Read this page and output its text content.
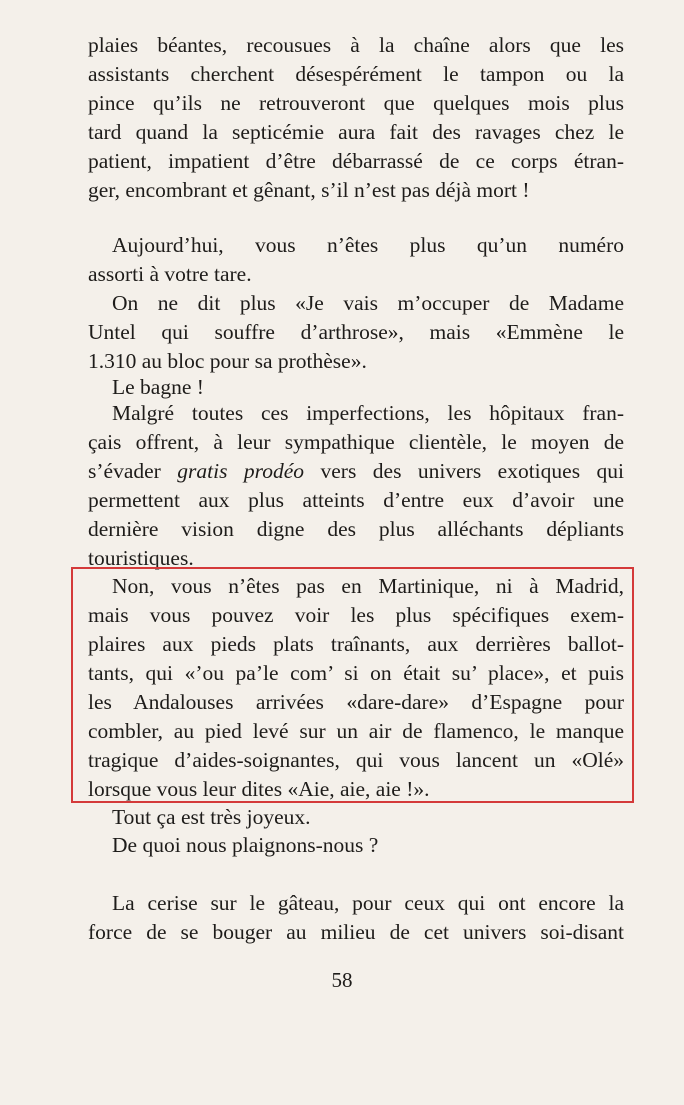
plaies béantes, recousues à la chaîne alors que les
assistants cherchent désespérément le tampon ou la
pince qu’ils ne retrouveront que quelques mois plus
tard quand la septicémie aura fait des ravages chez le
patient, impatient d’être débarrassé de ce corps étran-
ger, encombrant et gênant, s’il n’est pas déjà mort !
Aujourd’hui, vous n’êtes plus qu’un numéro
assorti à votre tare.
On ne dit plus «Je vais m’occuper de Madame
Untel qui souffre d’arthrose», mais «Emmène le
1.310 au bloc pour sa prothèse».
Le bagne !
Malgré toutes ces imperfections, les hôpitaux fran-
çais offrent, à leur sympathique clientèle, le moyen de
s’évader gratis prodéo vers des univers exotiques qui
permettent aux plus atteints d’entre eux d’avoir une
dernière vision digne des plus alléchants dépliants
touristiques.
Non, vous n’êtes pas en Martinique, ni à Madrid,
mais vous pouvez voir les plus spécifiques exem-
plaires aux pieds plats traînants, aux derrières ballot-
tants, qui «’ou pa’le com’ si on était su’ place», et puis
les Andalouses arrivées «dare-dare» d’Espagne pour
combler, au pied levé sur un air de flamenco, le manque
tragique d’aides-soignantes, qui vous lancent un «Olé»
lorsque vous leur dites «Aie, aie, aie !».
Tout ça est très joyeux.
De quoi nous plaignons-nous ?
La cerise sur le gâteau, pour ceux qui ont encore la
force de se bouger au milieu de cet univers soi-disant
58
